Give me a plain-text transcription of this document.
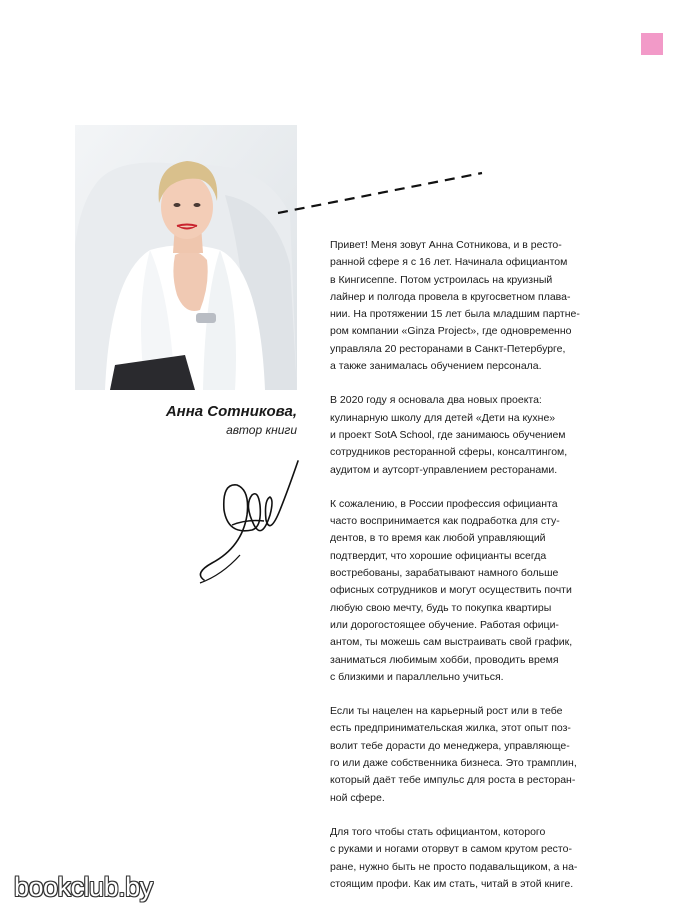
Анна Сотникова,
автор книги

Привет! Меня зовут Анна Сотникова, и в ресто-
ранной сфере я с 16 лет. Начинала официантом
в Кингисеппе. Потом устроилась на круизный
лайнер и полгода провела в кругосветном плава-
нии. На протяжении 15 лет была младшим партне-
ром компании «Ginza Project», где одновременно
управляла 20 ресторанами в Санкт-Петербурге,
а также занималась обучением персонала.

В 2020 году я основала два новых проекта:
кулинарную школу для детей «Дети на кухне»
и проект SotA School, где занимаюсь обучением
сотрудников ресторанной сферы, консалтингом,
аудитом и аутсорт-управлением ресторанами.

К сожалению, в России профессия официанта
часто воспринимается как подработка для сту-
дентов, в то время как любой управляющий
подтвердит, что хорошие официанты всегда
востребованы, зарабатывают намного больше
офисных сотрудников и могут осуществить почти
любую свою мечту, будь то покупка квартиры
или дорогостоящее обучение. Работая офици-
антом, ты можешь сам выстраивать свой график,
заниматься любимым хобби, проводить время
с близкими и параллельно учиться.

Если ты нацелен на карьерный рост или в тебе
есть предпринимательская жилка, этот опыт поз-
волит тебе дорасти до менеджера, управляюще-
го или даже собственника бизнеса. Это трамплин,
который даёт тебе импульс для роста в ресторан-
ной сфере.

Для того чтобы стать официантом, которого
с руками и ногами оторвут в самом крутом ресто-
ране, нужно быть не просто подавальщиком, а на-
стоящим профи. Как им стать, читай в этой книге.

bookclub.by
